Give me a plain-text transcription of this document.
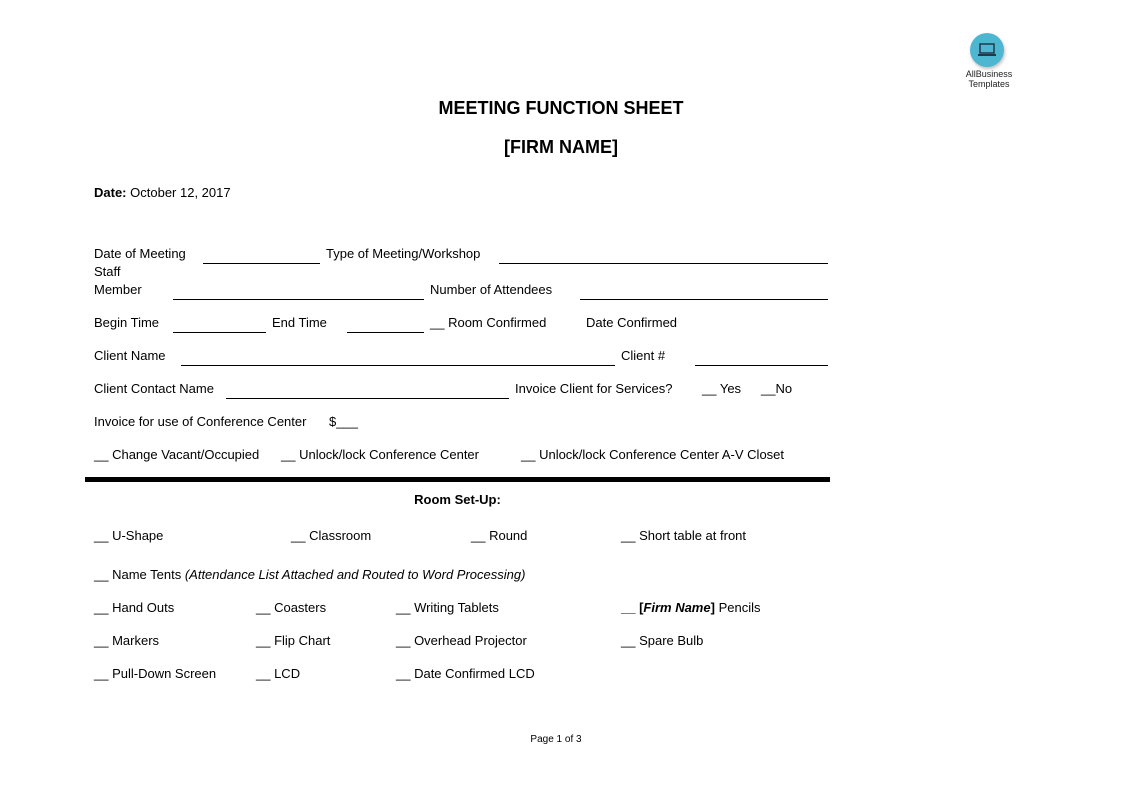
AllBusiness
Templates
MEETING FUNCTION SHEET
[FIRM NAME]
Date: October 12, 2017
Date of Meeting	Type of Meeting/Workshop
Staff
Member	Number of Attendees
Begin Time	End Time	__ Room Confirmed	Date Confirmed
Client Name	Client #
Client Contact Name	Invoice Client for Services? __ Yes __No
Invoice for use of Conference Center $___
__ Change Vacant/Occupied __ Unlock/lock Conference Center	__ Unlock/lock Conference Center A-V Closet
Room Set-Up:
__ U-Shape	__ Classroom	__ Round	__ Short table at front
__ Name Tents (Attendance List Attached and Routed to Word Processing)
__ Hand Outs	__ Coasters	__ Writing Tablets	__ [Firm Name] Pencils
__ Markers	__ Flip Chart	__ Overhead Projector	__ Spare Bulb
__ Pull-Down Screen	__ LCD	__ Date Confirmed LCD
Page 1 of 3
